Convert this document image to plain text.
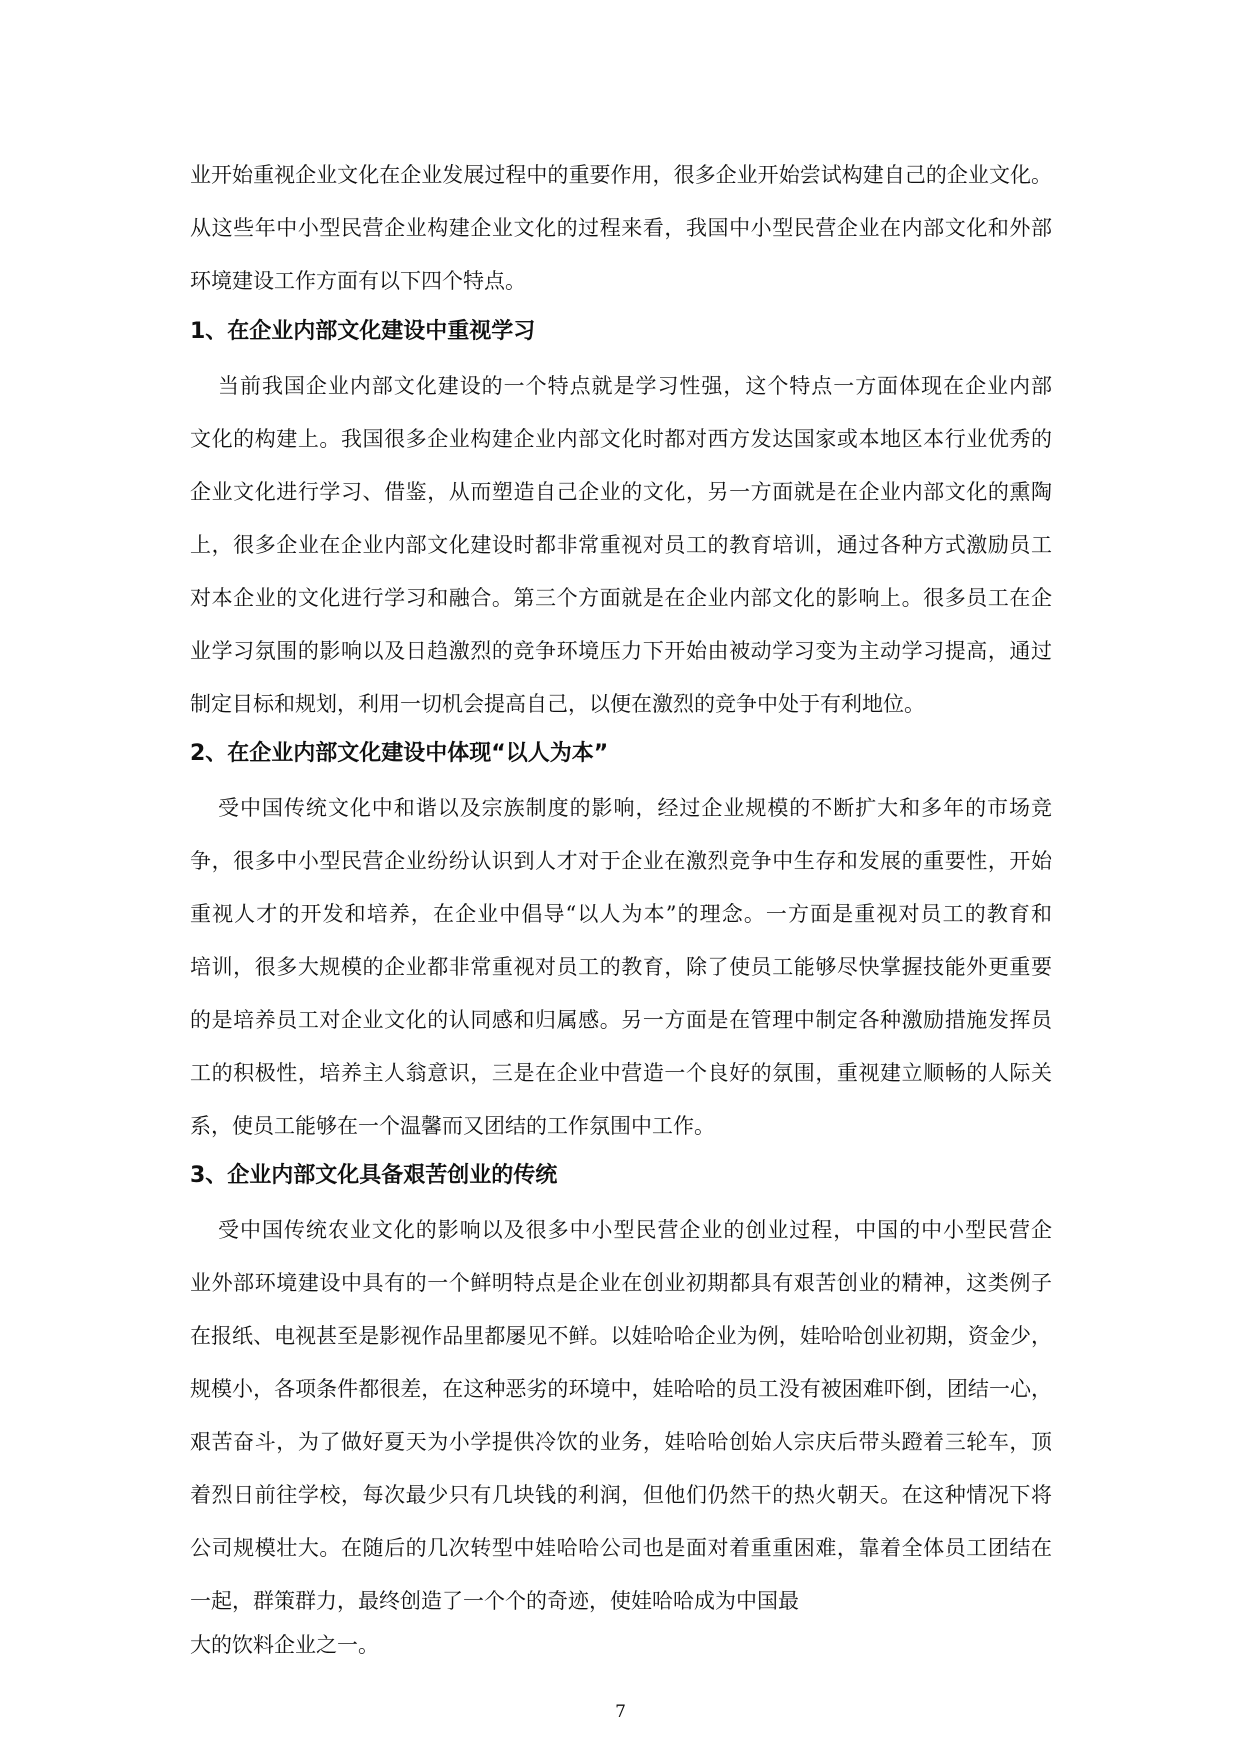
业开始重视企业文化在企业发展过程中的重要作用，很多企业开始尝试构建自己的企业文化。
从这些年中小型民营企业构建企业文化的过程来看，我国中小型民营企业在内部文化和外部
环境建设工作方面有以下四个特点。
1、在企业内部文化建设中重视学习
当前我国企业内部文化建设的一个特点就是学习性强，这个特点一方面体现在企业内部
文化的构建上。我国很多企业构建企业内部文化时都对西方发达国家或本地区本行业优秀的
企业文化进行学习、借鉴，从而塑造自己企业的文化，另一方面就是在企业内部文化的熏陶
上，很多企业在企业内部文化建设时都非常重视对员工的教育培训，通过各种方式激励员工
对本企业的文化进行学习和融合。第三个方面就是在企业内部文化的影响上。很多员工在企
业学习氛围的影响以及日趋激烈的竞争环境压力下开始由被动学习变为主动学习提高，通过
制定目标和规划，利用一切机会提高自己，以便在激烈的竞争中处于有利地位。
2、在企业内部文化建设中体现“以人为本”
受中国传统文化中和谐以及宗族制度的影响，经过企业规模的不断扩大和多年的市场竞
争，很多中小型民营企业纷纷认识到人才对于企业在激烈竞争中生存和发展的重要性，开始
重视人才的开发和培养，在企业中倡导“以人为本”的理念。一方面是重视对员工的教育和
培训，很多大规模的企业都非常重视对员工的教育，除了使员工能够尽快掌握技能外更重要
的是培养员工对企业文化的认同感和归属感。另一方面是在管理中制定各种激励措施发挥员
工的积极性，培养主人翁意识，三是在企业中营造一个良好的氛围，重视建立顺畅的人际关
系，使员工能够在一个温馨而又团结的工作氛围中工作。
3、企业内部文化具备艰苦创业的传统
受中国传统农业文化的影响以及很多中小型民营企业的创业过程，中国的中小型民营企
业外部环境建设中具有的一个鲜明特点是企业在创业初期都具有艰苦创业的精神，这类例子
在报纸、电视甚至是影视作品里都屡见不鲜。以娃哈哈企业为例，娃哈哈创业初期，资金少，
规模小，各项条件都很差，在这种恶劣的环境中，娃哈哈的员工没有被困难吓倒，团结一心，
艰苦奋斗，为了做好夏天为小学提供冷饮的业务，娃哈哈创始人宗庆后带头蹬着三轮车，顶
着烈日前往学校，每次最少只有几块钱的利润，但他们仍然干的热火朝天。在这种情况下将
公司规模壮大。在随后的几次转型中娃哈哈公司也是面对着重重困难，靠着全体员工团结在
一起，群策群力，最终创造了一个个的奇迹，使娃哈哈成为中国最
大的饮料企业之一。
7
